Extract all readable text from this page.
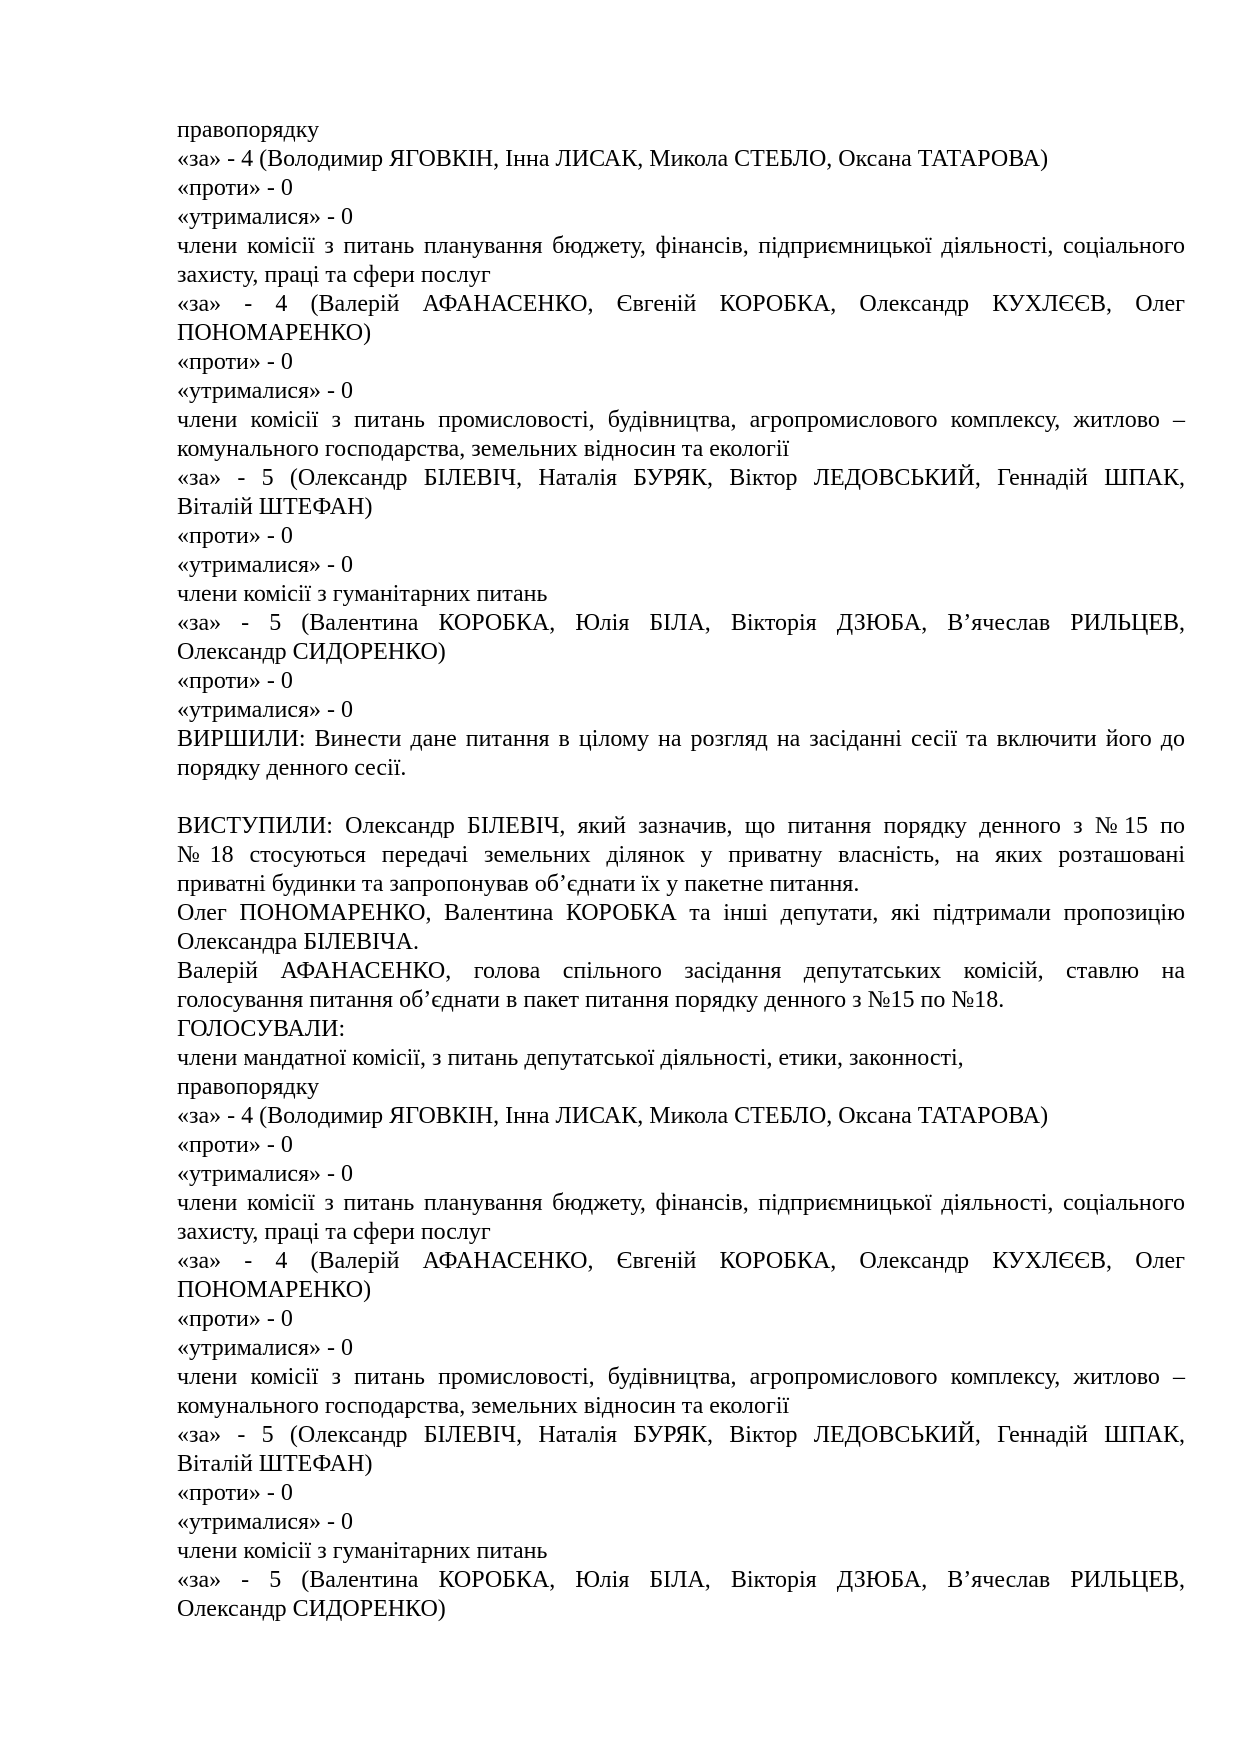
правопорядку
«за» - 4 (Володимир ЯГОВКІН, Інна ЛИСАК, Микола СТЕБЛО, Оксана ТАТАРОВА)
«проти» - 0
«утрималися» - 0
члени комісії з питань планування бюджету, фінансів, підприємницької діяльності, соціального
захисту, праці та сфери послуг
«за» - 4 (Валерій АФАНАСЕНКО, Євгеній КОРОБКА, Олександр КУХЛЄЄВ, Олег
ПОНОМАРЕНКО)
«проти» - 0
«утрималися» - 0
члени комісії з питань промисловості, будівництва, агропромислового комплексу, житлово –
комунального господарства, земельних відносин та екології
«за» - 5 (Олександр БІЛЕВІЧ, Наталія БУРЯК, Віктор ЛЕДОВСЬКИЙ, Геннадій ШПАК,
Віталій ШТЕФАН)
«проти» - 0
«утрималися» - 0
члени комісії з гуманітарних питань
«за» - 5 (Валентина КОРОБКА, Юлія БІЛА, Вікторія ДЗЮБА, В’ячеслав РИЛЬЦЕВ,
Олександр СИДОРЕНКО)
«проти» - 0
«утрималися» - 0
ВИРШИЛИ: Винести дане питання в цілому на розгляд на засіданні сесії та включити його до
порядку денного сесії.
ВИСТУПИЛИ: Олександр БІЛЕВІЧ, який зазначив, що питання порядку денного з №15 по
№18 стосуються передачі земельних ділянок у приватну власність, на яких розташовані
приватні будинки та запропонував об’єднати їх у пакетне питання.
Олег ПОНОМАРЕНКО, Валентина КОРОБКА та інші депутати, які підтримали пропозицію
Олександра БІЛЕВІЧА.
Валерій АФАНАСЕНКО, голова спільного засідання депутатських комісій, ставлю на
голосування питання об’єднати в пакет питання порядку денного з №15 по №18.
ГОЛОСУВАЛИ:
члени мандатної комісії, з питань депутатської діяльності, етики, законності,
правопорядку
«за» - 4 (Володимир ЯГОВКІН, Інна ЛИСАК, Микола СТЕБЛО, Оксана ТАТАРОВА)
«проти» - 0
«утрималися» - 0
члени комісії з питань планування бюджету, фінансів, підприємницької діяльності, соціального
захисту, праці та сфери послуг
«за» - 4 (Валерій АФАНАСЕНКО, Євгеній КОРОБКА, Олександр КУХЛЄЄВ, Олег
ПОНОМАРЕНКО)
«проти» - 0
«утрималися» - 0
члени комісії з питань промисловості, будівництва, агропромислового комплексу, житлово –
комунального господарства, земельних відносин та екології
«за» - 5 (Олександр БІЛЕВІЧ, Наталія БУРЯК, Віктор ЛЕДОВСЬКИЙ, Геннадій ШПАК,
Віталій ШТЕФАН)
«проти» - 0
«утрималися» - 0
члени комісії з гуманітарних питань
«за» - 5 (Валентина КОРОБКА, Юлія БІЛА, Вікторія ДЗЮБА, В’ячеслав РИЛЬЦЕВ,
Олександр СИДОРЕНКО)
